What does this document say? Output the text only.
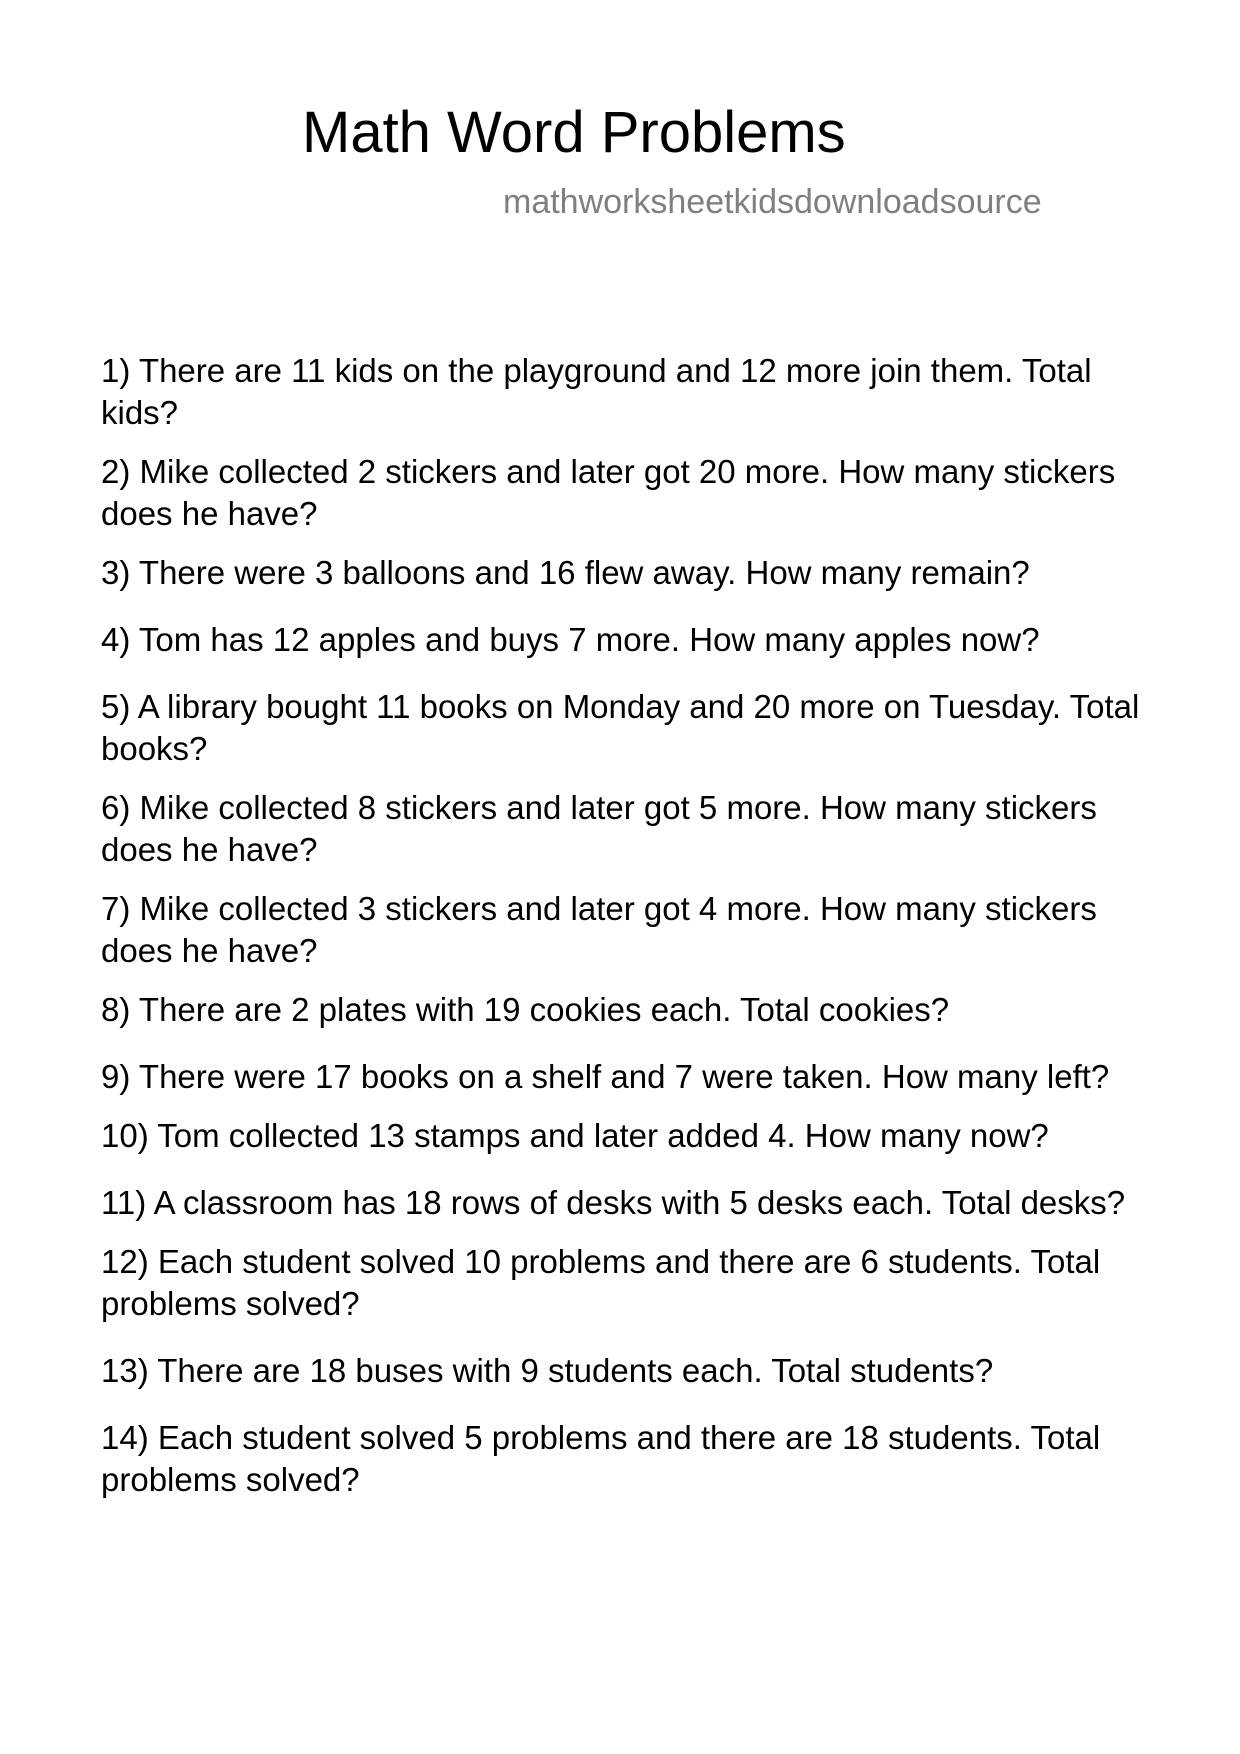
Math Word Problems

mathworksheetkidsdownloadsource

1) There are 11 kids on the playground and 12 more join them. Total kids?
2) Mike collected 2 stickers and later got 20 more. How many stickers does he have?
3) There were 3 balloons and 16 flew away. How many remain?
4) Tom has 12 apples and buys 7 more. How many apples now?
5) A library bought 11 books on Monday and 20 more on Tuesday. Total books?
6) Mike collected 8 stickers and later got 5 more. How many stickers does he have?
7) Mike collected 3 stickers and later got 4 more. How many stickers does he have?
8) There are 2 plates with 19 cookies each. Total cookies?
9) There were 17 books on a shelf and 7 were taken. How many left?
10) Tom collected 13 stamps and later added 4. How many now?
11) A classroom has 18 rows of desks with 5 desks each. Total desks?
12) Each student solved 10 problems and there are 6 students. Total problems solved?
13) There are 18 buses with 9 students each. Total students?
14) Each student solved 5 problems and there are 18 students. Total problems solved?
